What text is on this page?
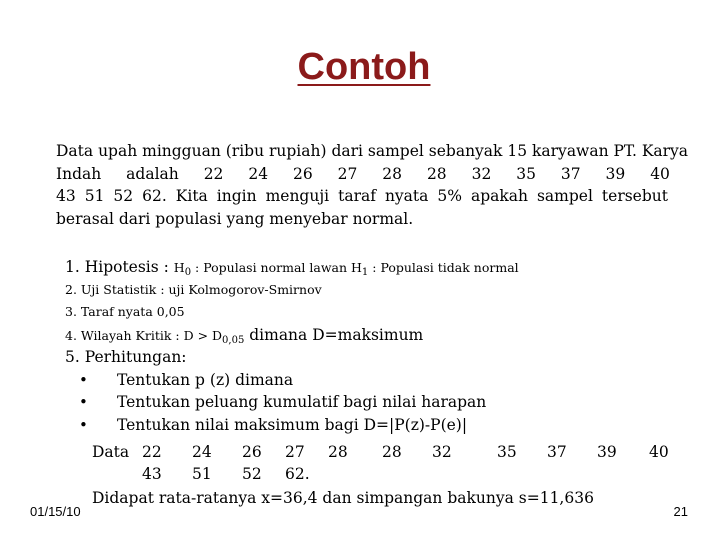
Contoh
Data upah mingguan (ribu rupiah) dari sampel sebanyak 15 karyawan PT. Karya
Indah adalah 22 24 26 27 28 28 32 35 37 39 40
43 51 52 62. Kita ingin menguji taraf nyata 5% apakah sampel tersebut
berasal dari populasi yang menyebar normal.
1. Hipotesis : $H_0$ : Populasi normal lawan $H_1$ : Populasi tidak normal
2. Uji Statistik : uji Kolmogorov-Smirnov
3. Taraf nyata 0,05
4. Wilayah Kritik : $D > D_{0,05}$ dimana D=maksimum
5. Perhitungan:
•	Tentukan p (z) dimana
•	Tentukan peluang kumulatif bagi nilai harapan
•	Tentukan nilai maksimum bagi D=|P(z)-P(e)|
Data 22 24 26 27 28 28 32	35 37 39 40
43 51 52 62.
Didapat rata-ratanya x=36,4 dan simpangan bakunya s=11,636
01/15/10	21
